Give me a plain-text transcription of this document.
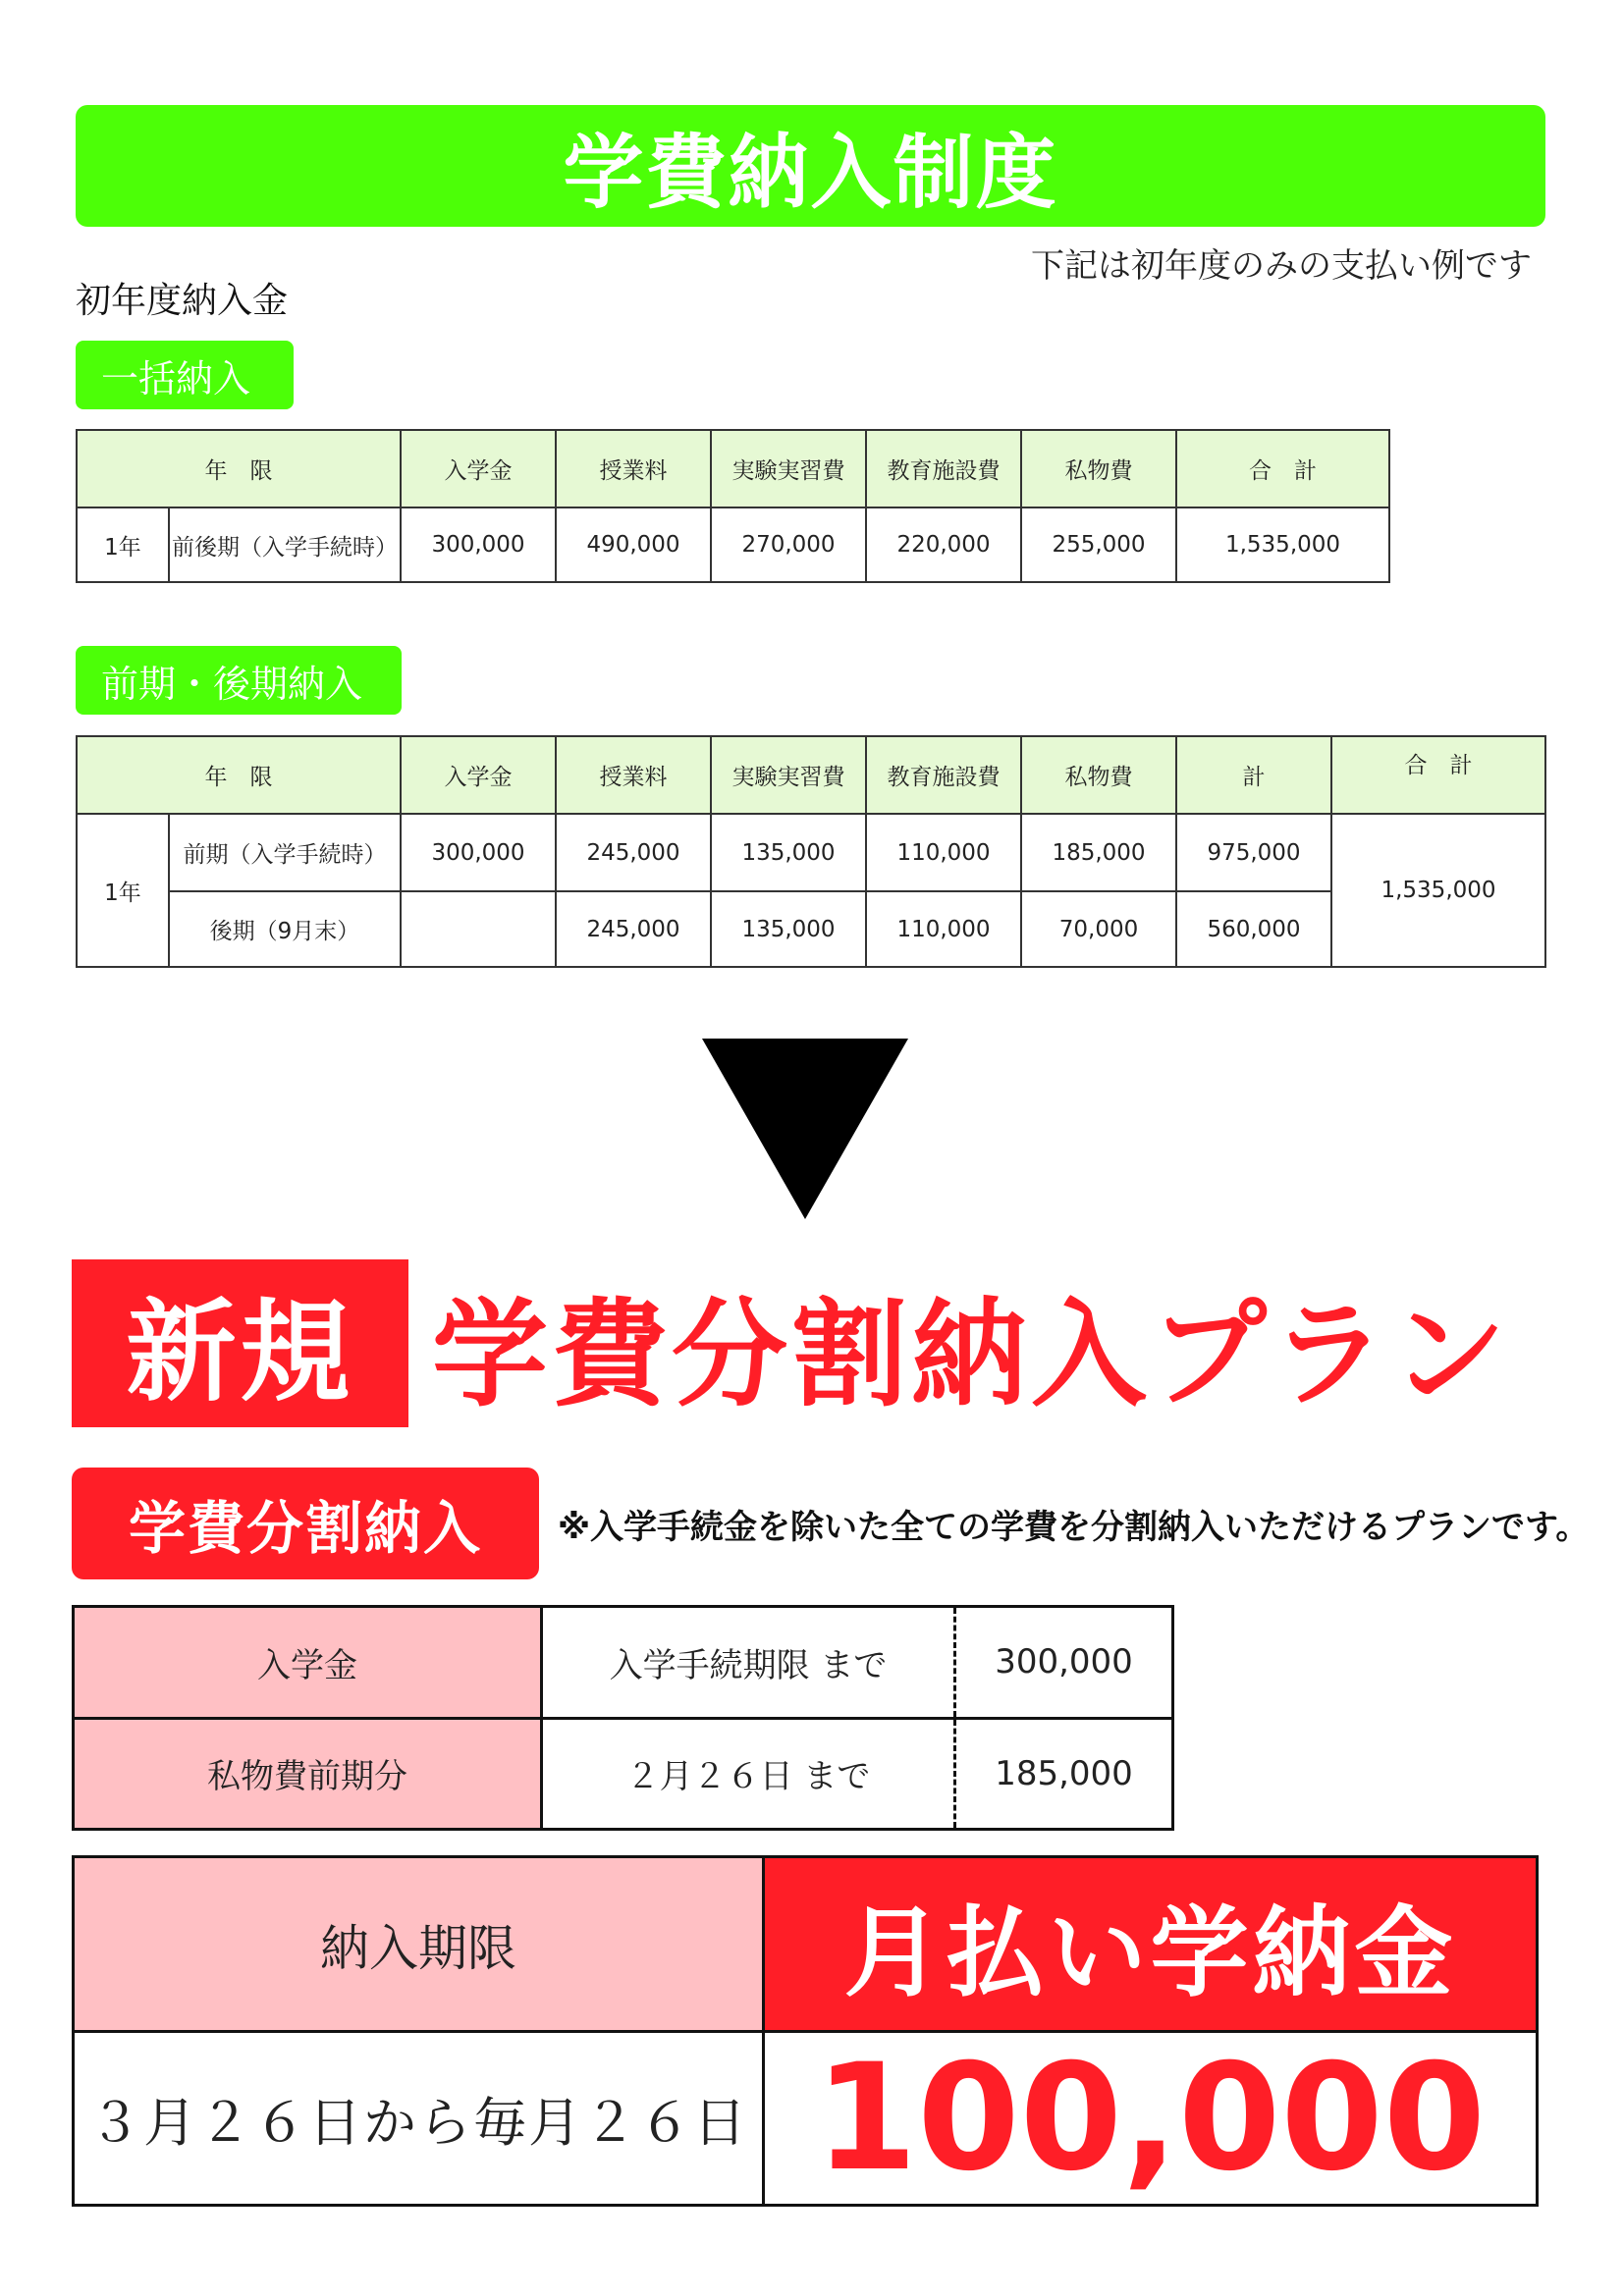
学費納入制度
下記は初年度のみの支払い例です
初年度納入金
一括納入
年　限		入学金	授業料	実験実習費	教育施設費	私物費	合　計
1年	前後期（入学手続時）	300,000	490,000	270,000	220,000	255,000	1,535,000
前期・後期納入
年　限		入学金	授業料	実験実習費	教育施設費	私物費	計	合　計
1年	前期（入学手続時）	300,000	245,000	135,000	110,000	185,000	975,000	1,535,000
	後期（9月末）		245,000	135,000	110,000	70,000	560,000	
新規 学費分割納入プラン
学費分割納入 ※入学手続金を除いた全ての学費を分割納入いただけるプランです。
入学金	入学手続期限 まで	300,000
私物費前期分	２月２６日 まで	185,000
納入期限	月払い学納金
３月２６日から毎月２６日	100,000
